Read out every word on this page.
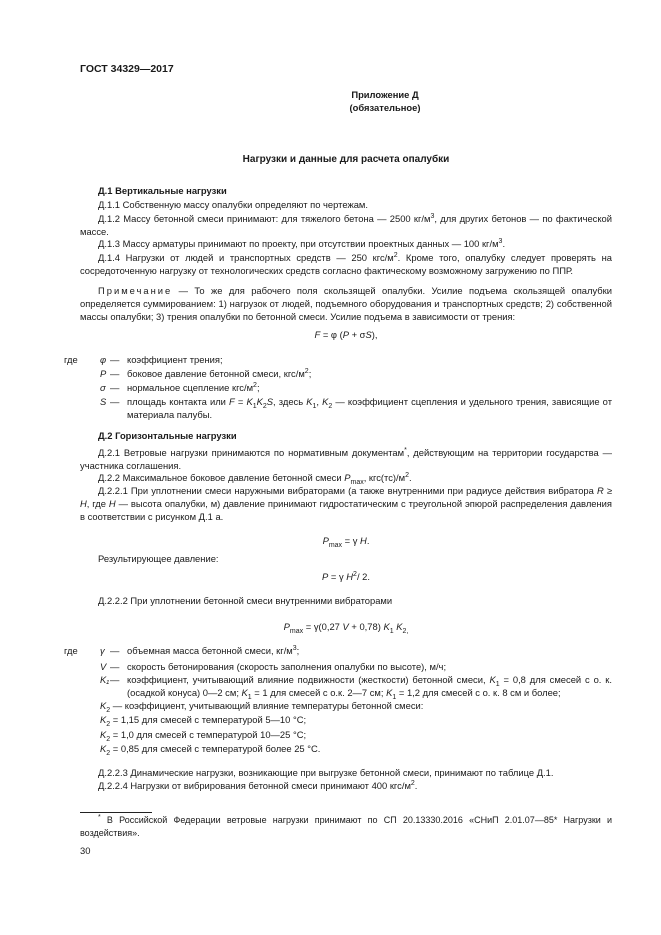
ГОСТ 34329—2017
Приложение Д
(обязательное)
Нагрузки и данные для расчета опалубки
Д.1 Вертикальные нагрузки
Д.1.1 Собственную массу опалубки определяют по чертежам.
Д.1.2 Массу бетонной смеси принимают: для тяжелого бетона — 2500 $кг/м^3$, для других бетонов — по фактической массе.
Д.1.3 Массу арматуры принимают по проекту, при отсутствии проектных данных — 100 $кг/м^3$.
Д.1.4 Нагрузки от людей и транспортных средств — 250 кгс/$м^2$. Кроме того, опалубку следует проверять на сосредоточенную нагрузку от технологических средств согласно фактическому возможному загружению по ППР.
Примечание — То же для рабочего поля скользящей опалубки. Усилие подъема скользящей опалубки определяется суммированием: 1) нагрузок от людей, подъемного оборудования и транспортных средств; 2) собственной массы опалубки; 3) трения опалубки по бетонной смеси. Усилие подъема в зависимости от трения:
F = φ (P + σS),
где φ — коэффициент трения;
P — боковое давление бетонной смеси, кгс/$м^2$;
σ — нормальное сцепление кгс/$м^2$;
S — площадь контакта или $F = K_1K_2S$, здесь $K_1$, $K_2$ — коэффициент сцепления и удельного трения, зависящие от материала палубы.
Д.2 Горизонтальные нагрузки
Д.2.1 Ветровые нагрузки принимаются по нормативным документам*, действующим на территории государства — участника соглашения.
Д.2.2 Максимальное боковое давление бетонной смеси $P_{max}$, $кгс(тс)/м^2$.
Д.2.2.1 При уплотнении смеси наружными вибраторами (а также внутренними при радиусе действия вибратора R ≥ H, где H — высота опалубки, м) давление принимают гидростатическим с треугольной эпюрой распределения давления в соответствии с рисунком Д.1 а.
$P_{max} = \gamma$ H.
Результирующее давление:
P = γ $H^2/$ 2.
Д.2.2.2 При уплотнении бетонной смеси внутренними вибраторами
$P_{max} = \gamma(0,27$ V + 0,78) $K_1$ $K_{2,}$
где γ — объемная масса бетонной смеси, $кг/м^3$;
V — скорость бетонирования (скорость заполнения опалубки по высоте), м/ч;
K₁ — коэффициент, учитывающий влияние подвижности (жесткости) бетонной смеси, $K_1 = 0,8$ для смесей с о. к. (осадкой конуса) 0—2 см; $K_1 = 1$ для смесей с о.к. 2—7 см; $K_1 = 1,2$ для смесей с о. к. 8 см и более;
$K_2$ — коэффициент, учитывающий влияние температуры бетонной смеси:
$K_2 = 1,15$ для смесей с температурой 5—10 °С;
$K_2 = 1,0$ для смесей с температурой 10—25 °С;
$K_2 = 0,85$ для смесей с температурой более 25 °С.
Д.2.2.3 Динамические нагрузки, возникающие при выгрузке бетонной смеси, принимают по таблице Д.1.
Д.2.2.4 Нагрузки от вибрирования бетонной смеси принимают 400 кгс/$м^2$.
* В Российской Федерации ветровые нагрузки принимают по СП 20.13330.2016 «СНиП 2.01.07—85* Нагрузки и воздействия».
30
